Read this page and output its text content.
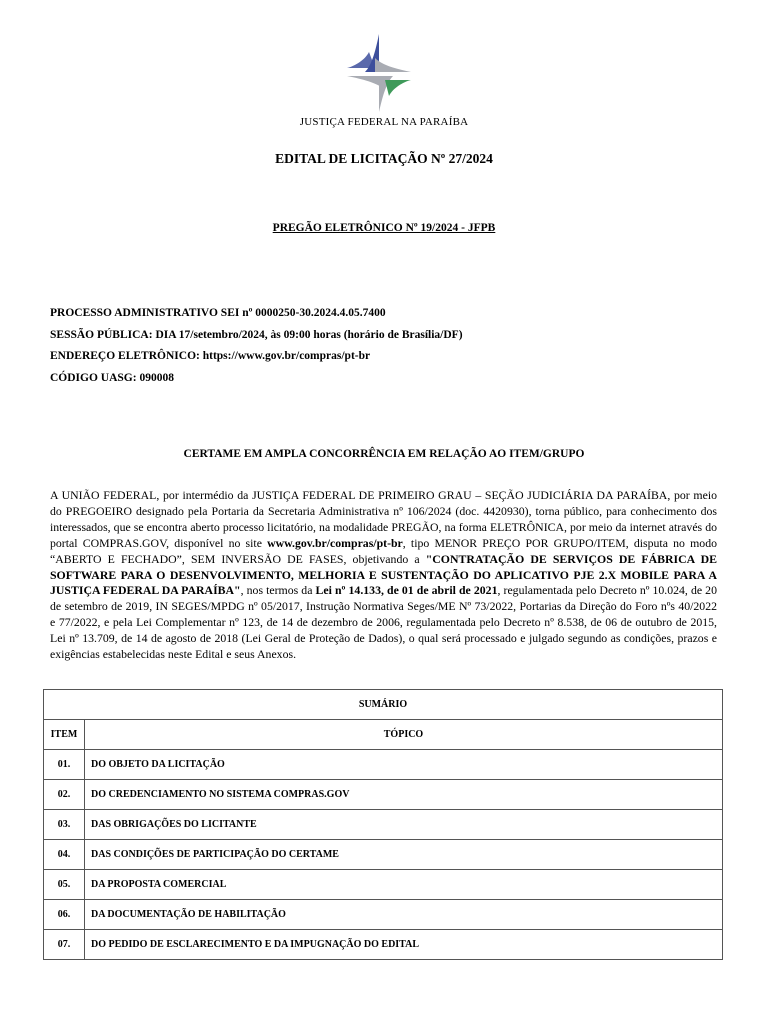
JUSTIÇA FEDERAL NA PARAÍBA
EDITAL DE LICITAÇÃO Nº 27/2024
PREGÃO ELETRÔNICO Nº 19/2024 - JFPB
PROCESSO ADMINISTRATIVO SEI nº 0000250-30.2024.4.05.7400
SESSÃO PÚBLICA: DIA 17/setembro/2024, às 09:00 horas (horário de Brasília/DF)
ENDEREÇO ELETRÔNICO: https://www.gov.br/compras/pt-br
CÓDIGO UASG: 090008
CERTAME EM AMPLA CONCORRÊNCIA EM RELAÇÃO AO ITEM/GRUPO
A UNIÃO FEDERAL, por intermédio da JUSTIÇA FEDERAL DE PRIMEIRO GRAU – SEÇÃO JUDICIÁRIA DA PARAÍBA, por meio do PREGOEIRO designado pela Portaria da Secretaria Administrativa nº 106/2024 (doc. 4420930), torna público, para conhecimento dos interessados, que se encontra aberto processo licitatório, na modalidade PREGÃO, na forma ELETRÔNICA, por meio da internet através do portal COMPRAS.GOV, disponível no site www.gov.br/compras/pt-br, tipo MENOR PREÇO POR GRUPO/ITEM, disputa no modo “ABERTO E FECHADO”, SEM INVERSÃO DE FASES, objetivando a "CONTRATAÇÃO DE SERVIÇOS DE FÁBRICA DE SOFTWARE PARA O DESENVOLVIMENTO, MELHORIA E SUSTENTAÇÃO DO APLICATIVO PJE 2.X MOBILE PARA A JUSTIÇA FEDERAL DA PARAÍBA", nos termos da Lei nº 14.133, de 01 de abril de 2021, regulamentada pelo Decreto nº 10.024, de 20 de setembro de 2019, IN SEGES/MPDG nº 05/2017, Instrução Normativa Seges/ME Nº 73/2022, Portarias da Direção do Foro nºs 40/2022 e 77/2022, e pela Lei Complementar nº 123, de 14 de dezembro de 2006, regulamentada pelo Decreto nº 8.538, de 06 de outubro de 2015, Lei nº 13.709, de 14 de agosto de 2018 (Lei Geral de Proteção de Dados), o qual será processado e julgado segundo as condições, prazos e exigências estabelecidas neste Edital e seus Anexos.
SUMÁRIO	
ITEM	TÓPICO
01.	DO OBJETO DA LICITAÇÃO
02.	DO CREDENCIAMENTO NO SISTEMA COMPRAS.GOV
03.	DAS OBRIGAÇÕES DO LICITANTE
04.	DAS CONDIÇÕES DE PARTICIPAÇÃO DO CERTAME
05.	DA PROPOSTA COMERCIAL
06.	DA DOCUMENTAÇÃO DE HABILITAÇÃO
07.	DO PEDIDO DE ESCLARECIMENTO E DA IMPUGNAÇÃO DO EDITAL
